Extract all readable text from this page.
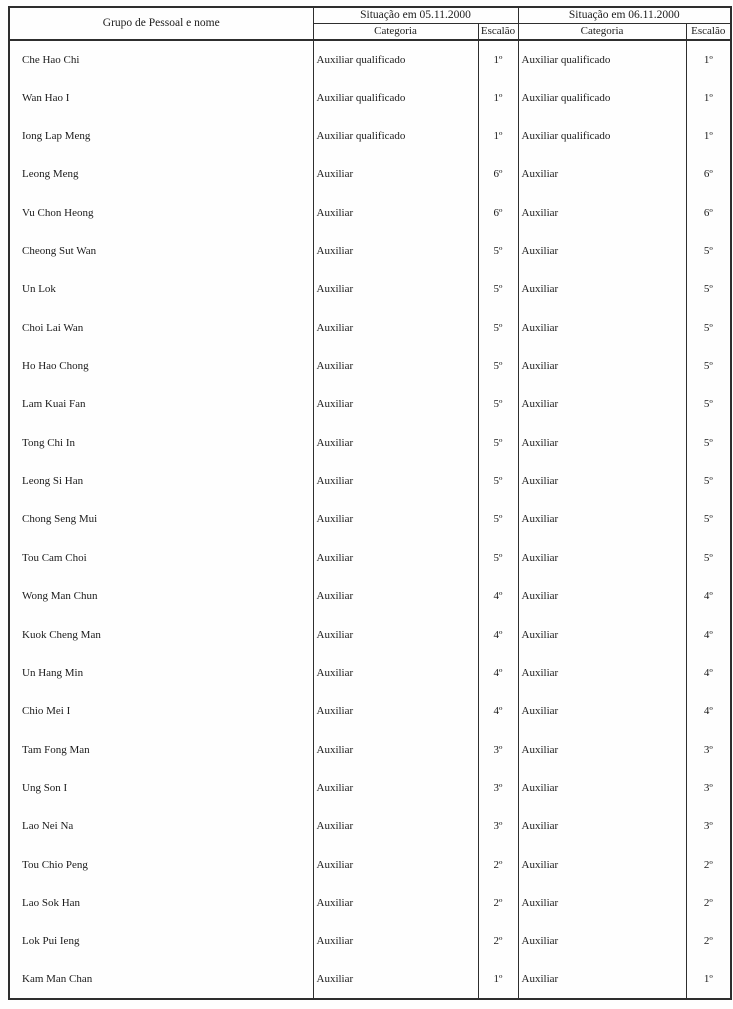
Grupo de Pessoal e nome	Situação em 05.11.2000		Situação em 06.11.2000	
	Categoria	Escalão	Categoria	Escalão
Che Hao Chi	Auxiliar qualificado	1º	Auxiliar qualificado	1º
Wan Hao I	Auxiliar qualificado	1º	Auxiliar qualificado	1º
Iong Lap Meng	Auxiliar qualificado	1º	Auxiliar qualificado	1º
Leong Meng	Auxiliar	6º	Auxiliar	6º
Vu Chon Heong	Auxiliar	6º	Auxiliar	6º
Cheong Sut Wan	Auxiliar	5º	Auxiliar	5º
Un Lok	Auxiliar	5º	Auxiliar	5º
Choi Lai Wan	Auxiliar	5º	Auxiliar	5º
Ho Hao Chong	Auxiliar	5º	Auxiliar	5º
Lam Kuai Fan	Auxiliar	5º	Auxiliar	5º
Tong Chi In	Auxiliar	5º	Auxiliar	5º
Leong Si Han	Auxiliar	5º	Auxiliar	5º
Chong Seng Mui	Auxiliar	5º	Auxiliar	5º
Tou Cam Choi	Auxiliar	5º	Auxiliar	5º
Wong Man Chun	Auxiliar	4º	Auxiliar	4º
Kuok Cheng Man	Auxiliar	4º	Auxiliar	4º
Un Hang Min	Auxiliar	4º	Auxiliar	4º
Chio Mei I	Auxiliar	4º	Auxiliar	4º
Tam Fong Man	Auxiliar	3º	Auxiliar	3º
Ung Son I	Auxiliar	3º	Auxiliar	3º
Lao Nei Na	Auxiliar	3º	Auxiliar	3º
Tou Chio Peng	Auxiliar	2º	Auxiliar	2º
Lao Sok Han	Auxiliar	2º	Auxiliar	2º
Lok Pui Ieng	Auxiliar	2º	Auxiliar	2º
Kam Man Chan	Auxiliar	1º	Auxiliar	1º
